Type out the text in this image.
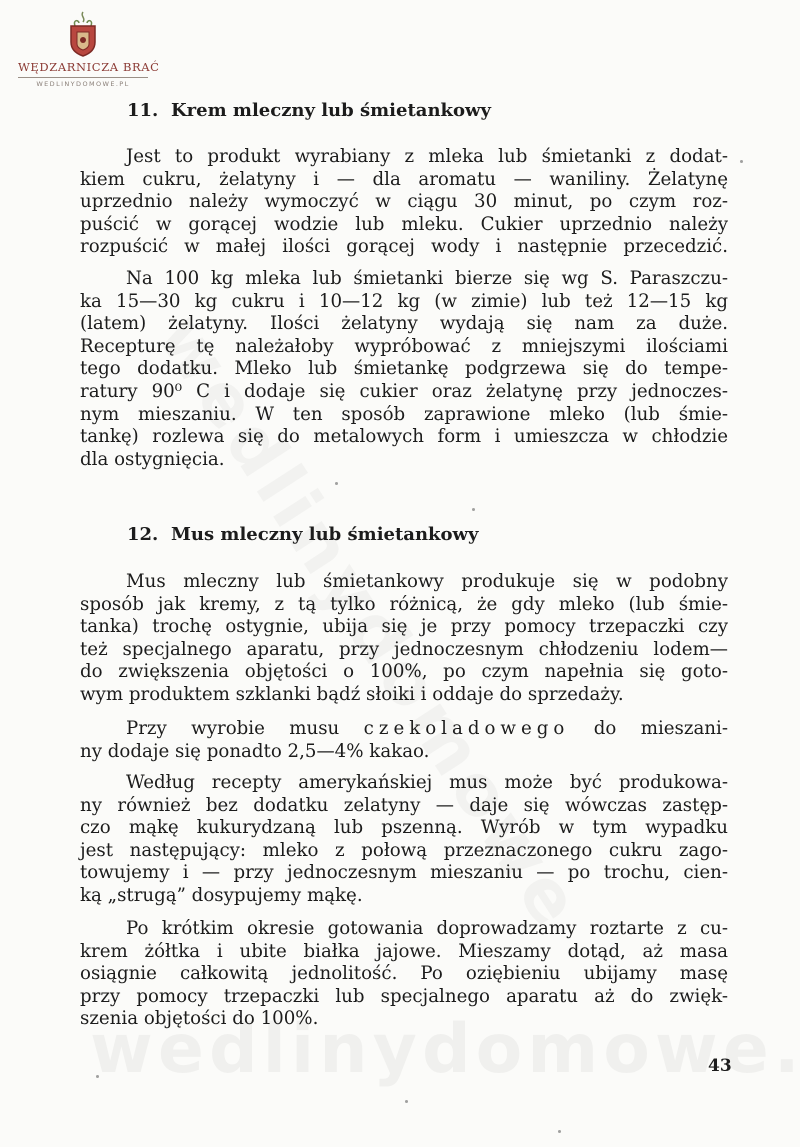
WĘDZARNICZA BRAĆ
WEDLINYDOMOWE.PL
11. Krem mleczny lub śmietankowy
Jest to produkt wyrabiany z mleka lub śmietanki z dodat-
kiem cukru, żelatyny i — dla aromatu — waniliny. Żelatynę
uprzednio należy wymoczyć w ciągu 30 minut, po czym roz-
puścić w gorącej wodzie lub mleku. Cukier uprzednio należy
rozpuścić w małej ilości gorącej wody i następnie przecedzić.
Na 100 kg mleka lub śmietanki bierze się wg S. Paraszczu-
ka 15—30 kg cukru i 10—12 kg (w zimie) lub też 12—15 kg
(latem) żelatyny. Ilości żelatyny wydają się nam za duże.
Recepturę tę należałoby wypróbować z mniejszymi ilościami
tego dodatku. Mleko lub śmietankę podgrzewa się do tempe-
ratury 90⁰ C i dodaje się cukier oraz żelatynę przy jednoczes-
nym mieszaniu. W ten sposób zaprawione mleko (lub śmie-
tankę) rozlewa się do metalowych form i umieszcza w chłodzie
dla ostygnięcia.
12. Mus mleczny lub śmietankowy
Mus mleczny lub śmietankowy produkuje się w podobny
sposób jak kremy, z tą tylko różnicą, że gdy mleko (lub śmie-
tanka) trochę ostygnie, ubija się je przy pomocy trzepaczki czy
też specjalnego aparatu, przy jednoczesnym chłodzeniu lodem—
do zwiększenia objętości o 100%, po czym napełnia się goto-
wym produktem szklanki bądź słoiki i oddaje do sprzedaży.
Przy wyrobie musu czekoladowego do mieszani-
ny dodaje się ponadto 2,5—4% kakao.
Według recepty amerykańskiej mus może być produkowa-
ny również bez dodatku zelatyny — daje się wówczas zastęp-
czo mąkę kukurydzaną lub pszenną. Wyrób w tym wypadku
jest następujący: mleko z połową przeznaczonego cukru zago-
towujemy i — przy jednoczesnym mieszaniu — po trochu, cien-
ką „strugą” dosypujemy mąkę.
Po krótkim okresie gotowania doprowadzamy roztarte z cu-
krem żółtka i ubite białka jajowe. Mieszamy dotąd, aż masa
osiągnie całkowitą jednolitość. Po oziębieniu ubijamy masę
przy pomocy trzepaczki lub specjalnego aparatu aż do zwięk-
szenia objętości do 100%.
43
